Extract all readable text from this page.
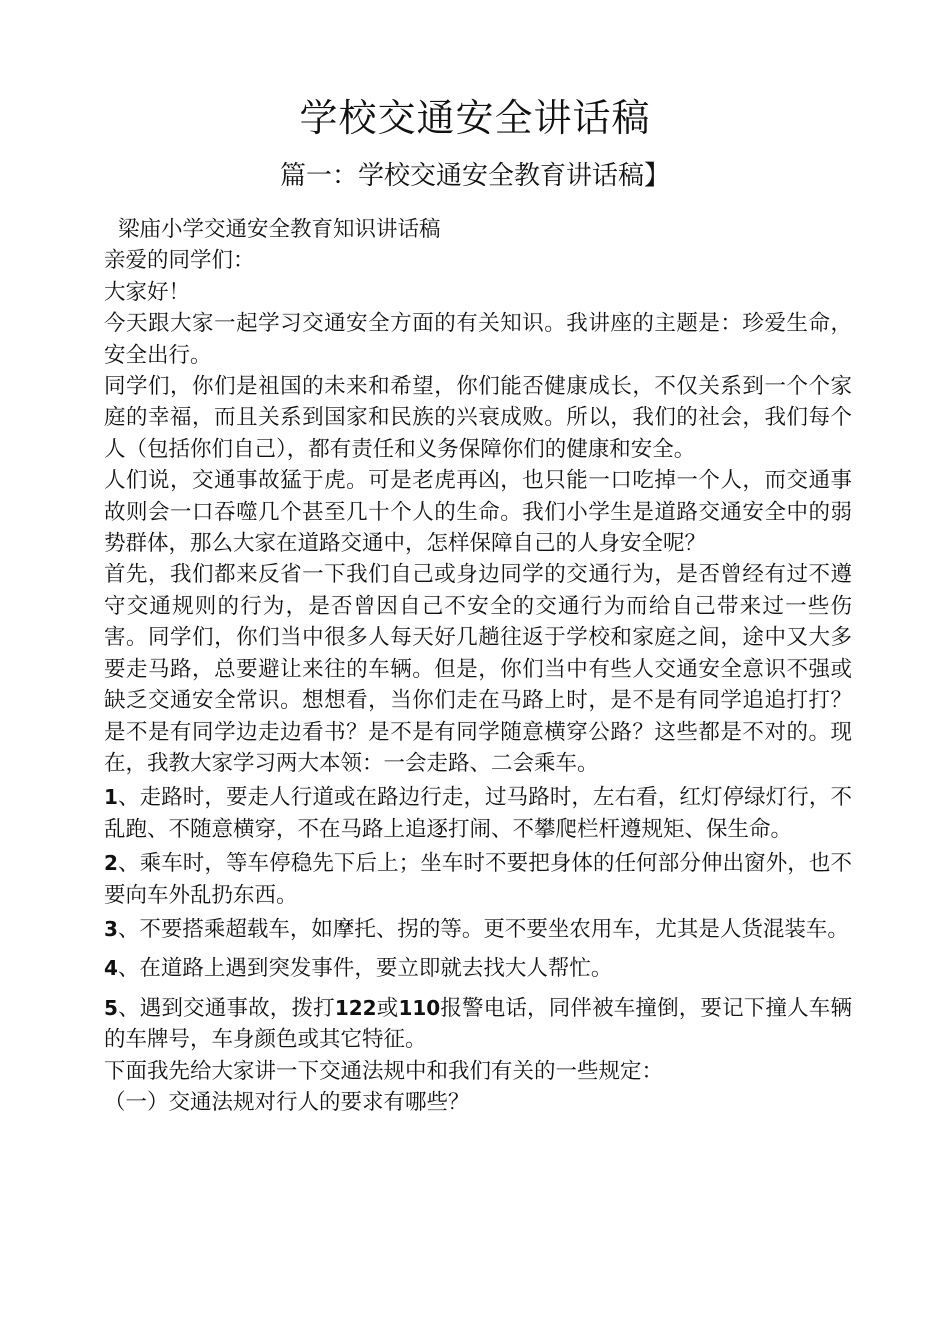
学校交通安全讲话稿
篇一：学校交通安全教育讲话稿】

梁庙小学交通安全教育知识讲话稿

亲爱的同学们：

大家好！

今天跟大家一起学习交通安全方面的有关知识。我讲座的主题是：珍爱生命，安全出行。

同学们，你们是祖国的未来和希望，你们能否健康成长，不仅关系到一个个家庭的幸福，而且关系到国家和民族的兴衰成败。所以，我们的社会，我们每个人（包括你们自己），都有责任和义务保障你们的健康和安全。

人们说，交通事故猛于虎。可是老虎再凶，也只能一口吃掉一个人，而交通事故则会一口吞噬几个甚至几十个人的生命。我们小学生是道路交通安全中的弱势群体，那么大家在道路交通中，怎样保障自己的人身安全呢？

首先，我们都来反省一下我们自己或身边同学的交通行为，是否曾经有过不遵守交通规则的行为，是否曾因自己不安全的交通行为而给自己带来过一些伤害。同学们，你们当中很多人每天好几趟往返于学校和家庭之间，途中又大多要走马路，总要避让来往的车辆。但是，你们当中有些人交通安全意识不强或缺乏交通安全常识。想想看，当你们走在马路上时，是不是有同学追追打打？是不是有同学边走边看书？是不是有同学随意横穿公路？这些都是不对的。现在，我教大家学习两大本领：一会走路、二会乘车。

1、走路时，要走人行道或在路边行走，过马路时，左右看，红灯停绿灯行，不乱跑、不随意横穿，不在马路上追逐打闹、不攀爬栏杆遵规矩、保生命。

2、乘车时，等车停稳先下后上；坐车时不要把身体的任何部分伸出窗外，也不要向车外乱扔东西。

3、不要搭乘超载车，如摩托、拐的等。更不要坐农用车，尤其是人货混装车。

4、在道路上遇到突发事件，要立即就去找大人帮忙。

5、遇到交通事故，拨打122或110报警电话，同伴被车撞倒，要记下撞人车辆的车牌号，车身颜色或其它特征。

下面我先给大家讲一下交通法规中和我们有关的一些规定：

（一）交通法规对行人的要求有哪些？
